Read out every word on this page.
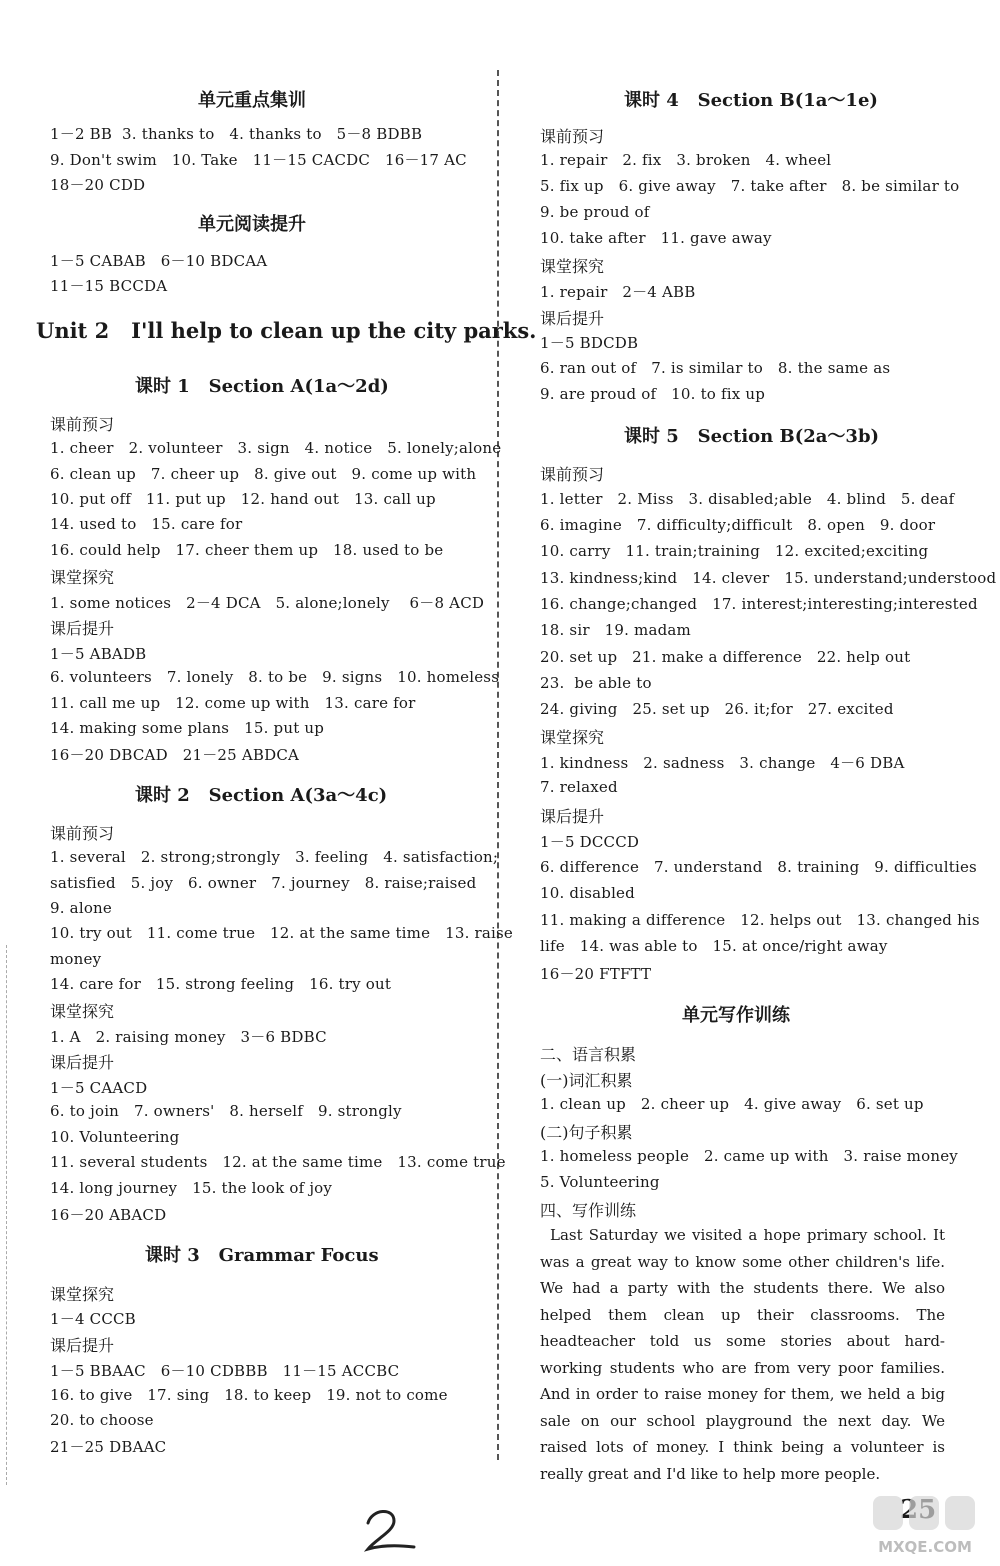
单元重点集训
1－2 BB  3. thanks to   4. thanks to   5－8 BDBB
9. Don't swim   10. Take   11－15 CACDC   16－17 AC
18－20 CDD
单元阅读提升
1－5 CABAB   6－10 BDCAA
11－15 BCCDA
Unit 2   I'll help to clean up the city parks.
课时 1   Section A(1a～2d)
课前预习
1. cheer   2. volunteer   3. sign   4. notice   5. lonely;alone
6. clean up   7. cheer up   8. give out   9. come up with
10. put off   11. put up   12. hand out   13. call up
14. used to   15. care for
16. could help   17. cheer them up   18. used to be
课堂探究
1. some notices   2－4 DCA   5. alone;lonely    6－8 ACD
课后提升
1－5 ABADB
6. volunteers   7. lonely   8. to be   9. signs   10. homeless
11. call me up   12. come up with   13. care for
14. making some plans   15. put up
16－20 DBCAD   21－25 ABDCA
课时 2   Section A(3a～4c)
课前预习
1. several   2. strong;strongly   3. feeling   4. satisfaction;
satisfied   5. joy   6. owner   7. journey   8. raise;raised
9. alone
10. try out   11. come true   12. at the same time   13. raise
money
14. care for   15. strong feeling   16. try out
课堂探究
1. A   2. raising money   3－6 BDBC
课后提升
1－5 CAACD
6. to join   7. owners'   8. herself   9. strongly
10. Volunteering
11. several students   12. at the same time   13. come true
14. long journey   15. the look of joy
16－20 ABACD
课时 3   Grammar Focus
课堂探究
1－4 CCCB
课后提升
1－5 BBAAC   6－10 CDBBB   11－15 ACCBC
16. to give   17. sing   18. to keep   19. not to come
20. to choose
21－25 DBAAC
课时 4   Section B(1a～1e)
课前预习
1. repair   2. fix   3. broken   4. wheel
5. fix up   6. give away   7. take after   8. be similar to
9. be proud of
10. take after   11. gave away
课堂探究
1. repair   2－4 ABB
课后提升
1－5 BDCDB
6. ran out of   7. is similar to   8. the same as
9. are proud of   10. to fix up
课时 5   Section B(2a～3b)
课前预习
1. letter   2. Miss   3. disabled;able   4. blind   5. deaf
6. imagine   7. difficulty;difficult   8. open   9. door
10. carry   11. train;training   12. excited;exciting
13. kindness;kind   14. clever   15. understand;understood
16. change;changed   17. interest;interesting;interested
18. sir   19. madam
20. set up   21. make a difference   22. help out
23.  be able to
24. giving   25. set up   26. it;for   27. excited
课堂探究
1. kindness   2. sadness   3. change   4－6 DBA
7. relaxed
课后提升
1－5 DCCCD
6. difference   7. understand   8. training   9. difficulties
10. disabled
11. making a difference   12. helps out   13. changed his
life   14. was able to   15. at once/right away
16－20 FTFTT
单元写作训练
二、语言积累
(一)词汇积累
1. clean up   2. cheer up   4. give away   6. set up
(二)句子积累
1. homeless people   2. came up with   3. raise money
5. Volunteering
四、写作训练
Last Saturday we visited a hope primary school. It was a great way to know some other children's life. We had a party with the students there. We also helped them clean up their classrooms. The headteacher told us some stories about hard-working students who are from very poor families. And in order to raise money for them, we held a big sale on our school playground the next day. We raised lots of money. I think being a volunteer is really great and I'd like to help more people.
MXQE.COM
